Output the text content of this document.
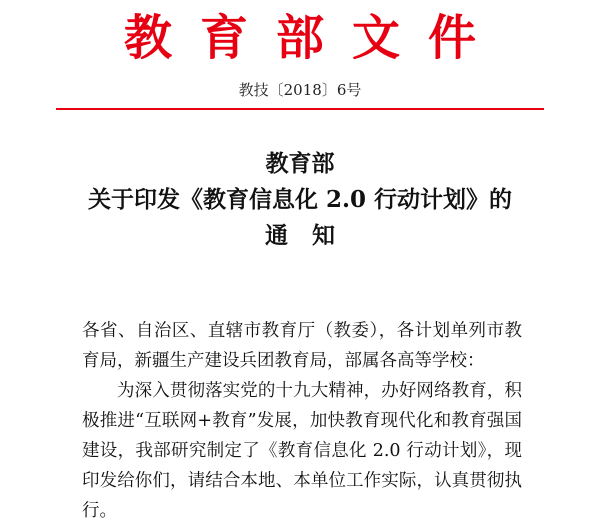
教育部文件
教技〔2018〕6号
教育部
关于印发《教育信息化 2.0 行动计划》的
通知

各省、自治区、直辖市教育厅（教委），各计划单列市教育局，新疆生产建设兵团教育局，部属各高等学校：

为深入贯彻落实党的十九大精神，办好网络教育，积极推进“互联网+教育”发展，加快教育现代化和教育强国建设，我部研究制定了《教育信息化 2.0 行动计划》，现印发给你们，请结合本地、本单位工作实际，认真贯彻执行。
